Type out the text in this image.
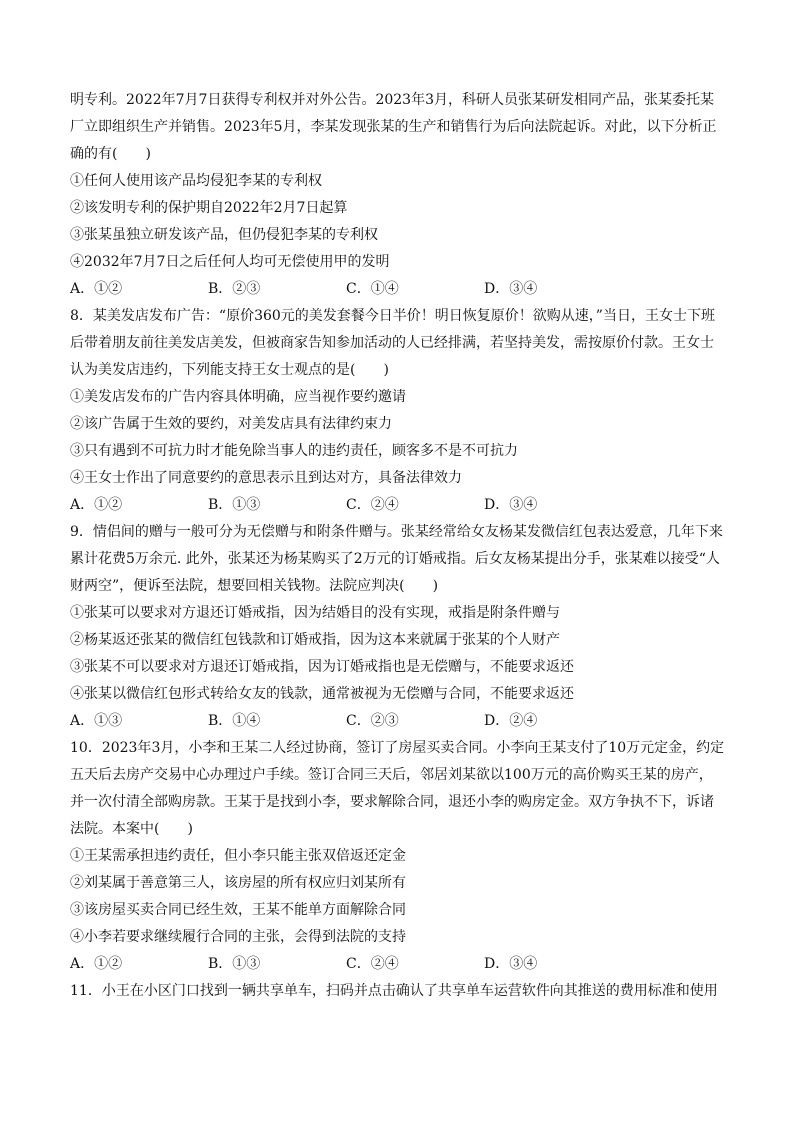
明专利。2022年7月7日获得专利权并对外公告。2023年3月，科研人员张某研发相同产品，张某委托某
厂立即组织生产并销售。2023年5月，李某发现张某的生产和销售行为后向法院起诉。对此，以下分析正
确的有(　　)
①任何人使用该产品均侵犯李某的专利权
②该发明专利的保护期自2022年2月7日起算
③张某虽独立研发该产品，但仍侵犯李某的专利权
④2032年7月7日之后任何人均可无偿使用甲的发明
A．①②	B．②③	C．①④	D．③④
8．某美发店发布广告：“原价360元的美发套餐今日半价！明日恢复原价！欲购从速，”当日，王女士下班
后带着朋友前往美发店美发，但被商家告知参加活动的人已经排满，若坚持美发，需按原价付款。王女士
认为美发店违约，下列能支持王女士观点的是(　　)
①美发店发布的广告内容具体明确，应当视作要约邀请
②该广告属于生效的要约，对美发店具有法律约束力
③只有遇到不可抗力时才能免除当事人的违约责任，顾客多不是不可抗力
④王女士作出了同意要约的意思表示且到达对方，具备法律效力
A．①②	B．①③	C．②④	D．③④
9．情侣间的赠与一般可分为无偿赠与和附条件赠与。张某经常给女友杨某发微信红包表达爱意，几年下来
累计花费5万余元. 此外，张某还为杨某购买了2万元的订婚戒指。后女友杨某提出分手，张某难以接受“人
财两空”，便诉至法院，想要回相关钱物。法院应判决(　　)
①张某可以要求对方退还订婚戒指，因为结婚目的没有实现，戒指是附条件赠与
②杨某返还张某的微信红包钱款和订婚戒指，因为这本来就属于张某的个人财产
③张某不可以要求对方退还订婚戒指，因为订婚戒指也是无偿赠与，不能要求返还
④张某以微信红包形式转给女友的钱款，通常被视为无偿赠与合同，不能要求返还
A．①③	B．①④	C．②③	D．②④
10．2023年3月，小李和王某二人经过协商，签订了房屋买卖合同。小李向王某支付了10万元定金，约定
五天后去房产交易中心办理过户手续。签订合同三天后，邻居刘某欲以100万元的高价购买王某的房产，
并一次付清全部购房款。王某于是找到小李，要求解除合同，退还小李的购房定金。双方争执不下，诉诸
法院。本案中(　　)
①王某需承担违约责任，但小李只能主张双倍返还定金
②刘某属于善意第三人，该房屋的所有权应归刘某所有
③该房屋买卖合同已经生效，王某不能单方面解除合同
④小李若要求继续履行合同的主张，会得到法院的支持
A．①②	B．①③	C．②④	D．③④
11．小王在小区门口找到一辆共享单车，扫码并点击确认了共享单车运营软件向其推送的费用标准和使用
